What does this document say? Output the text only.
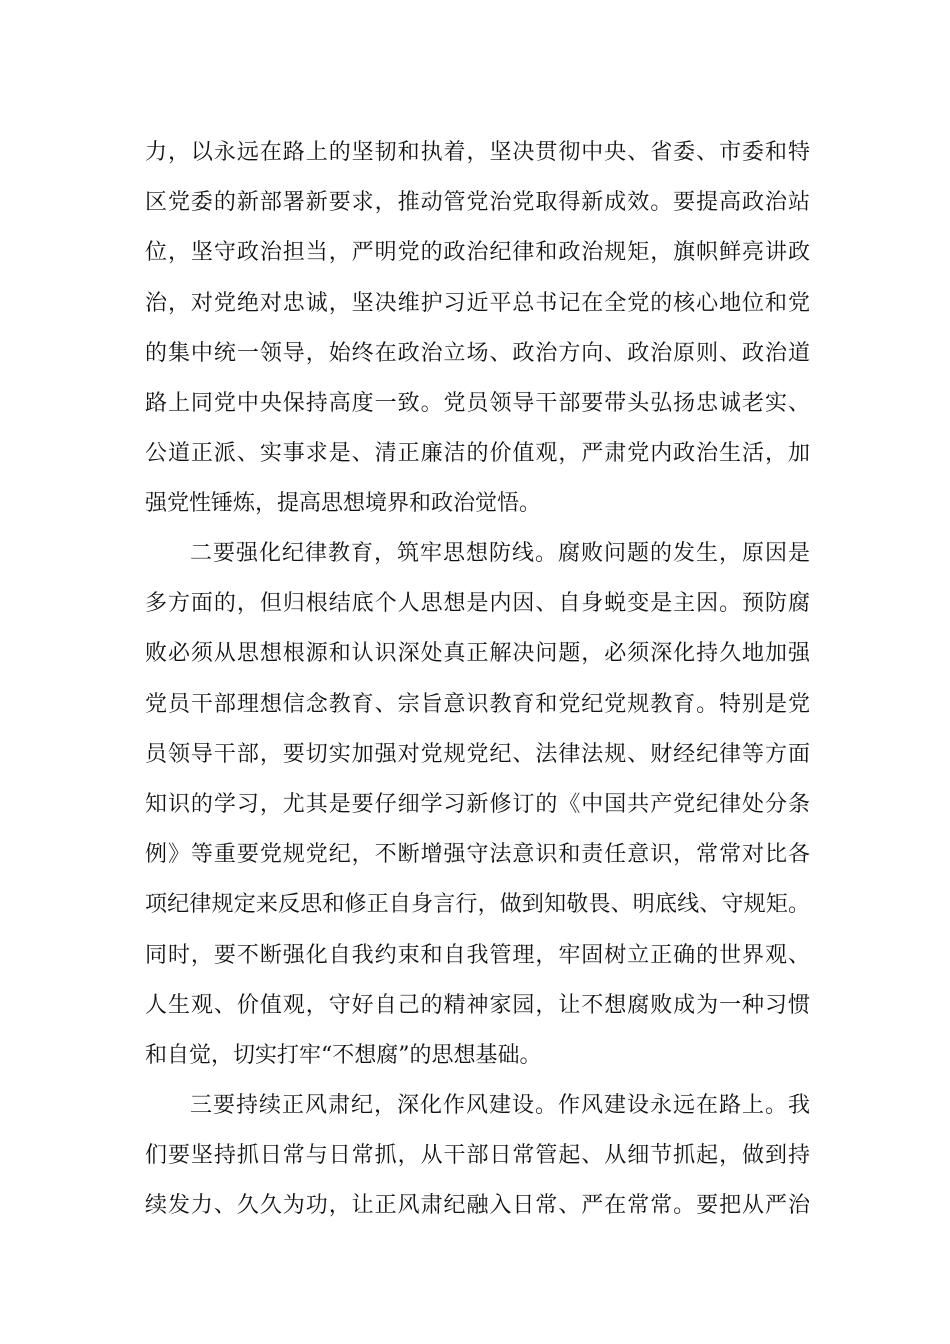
力，以永远在路上的坚韧和执着，坚决贯彻中央、省委、市委和特
区党委的新部署新要求，推动管党治党取得新成效。要提高政治站
位，坚守政治担当，严明党的政治纪律和政治规矩，旗帜鲜亮讲政
治，对党绝对忠诚，坚决维护习近平总书记在全党的核心地位和党
的集中统一领导，始终在政治立场、政治方向、政治原则、政治道
路上同党中央保持高度一致。党员领导干部要带头弘扬忠诚老实、
公道正派、实事求是、清正廉洁的价值观，严肃党内政治生活，加
强党性锤炼，提高思想境界和政治觉悟。
二要强化纪律教育，筑牢思想防线。腐败问题的发生，原因是
多方面的，但归根结底个人思想是内因、自身蜕变是主因。预防腐
败必须从思想根源和认识深处真正解决问题，必须深化持久地加强
党员干部理想信念教育、宗旨意识教育和党纪党规教育。特别是党
员领导干部，要切实加强对党规党纪、法律法规、财经纪律等方面
知识的学习，尤其是要仔细学习新修订的《中国共产党纪律处分条
例》等重要党规党纪，不断增强守法意识和责任意识，常常对比各
项纪律规定来反思和修正自身言行，做到知敬畏、明底线、守规矩。
同时，要不断强化自我约束和自我管理，牢固树立正确的世界观、
人生观、价值观，守好自己的精神家园，让不想腐败成为一种习惯
和自觉，切实打牢“不想腐”的思想基础。
三要持续正风肃纪，深化作风建设。作风建设永远在路上。我
们要坚持抓日常与日常抓，从干部日常管起、从细节抓起，做到持
续发力、久久为功，让正风肃纪融入日常、严在常常。要把从严治
